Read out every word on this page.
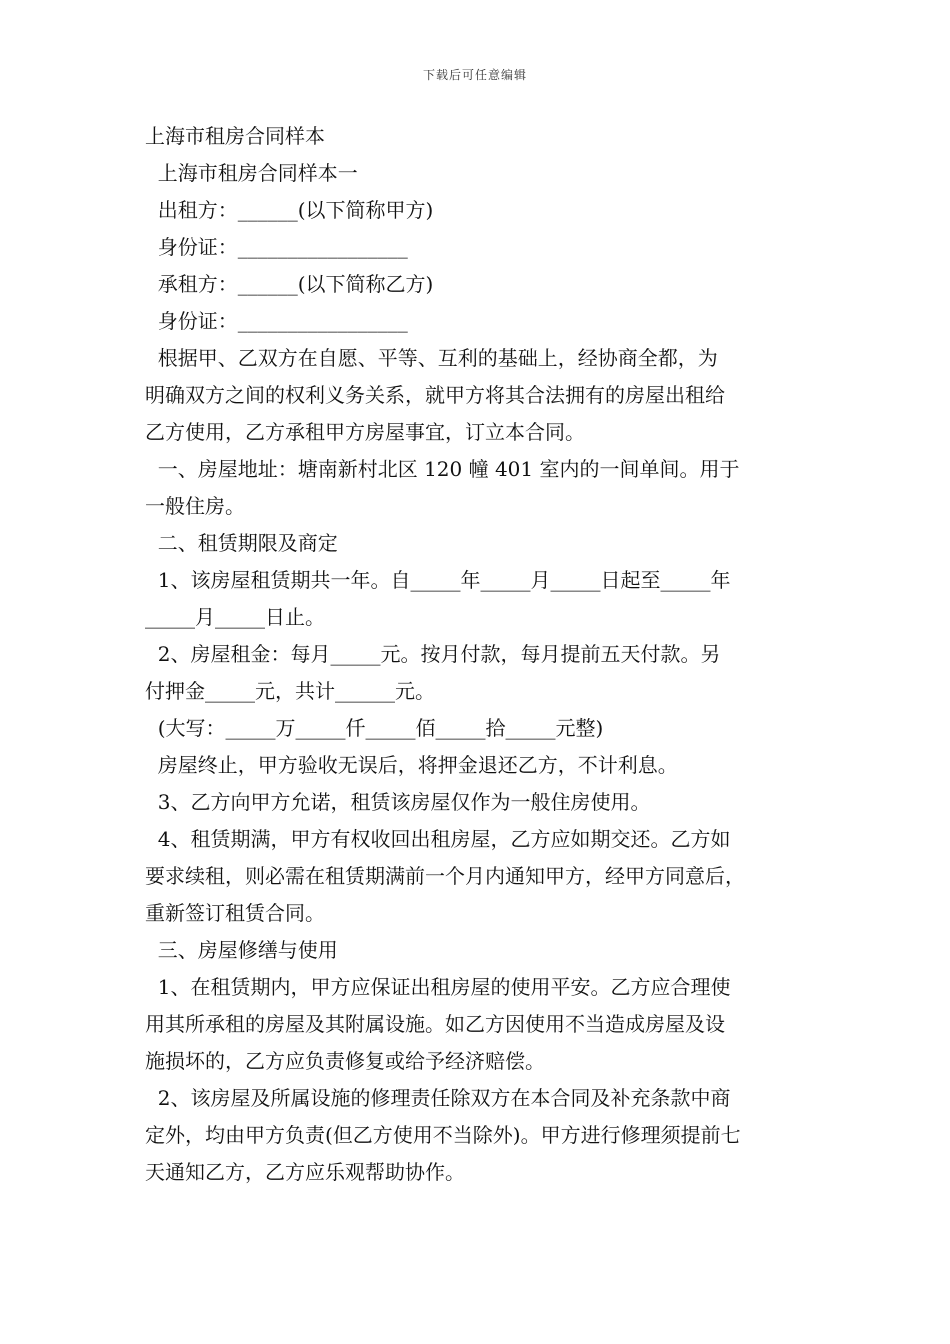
下载后可任意编辑
上海市租房合同样本
上海市租房合同样本一
出租方：______(以下简称甲方)
身份证：_________________
承租方：______(以下简称乙方)
身份证：_________________
根据甲、乙双方在自愿、平等、互利的基础上，经协商全都，为
明确双方之间的权利义务关系，就甲方将其合法拥有的房屋出租给
乙方使用，乙方承租甲方房屋事宜，订立本合同。
一、房屋地址：塘南新村北区 120 幢 401 室内的一间单间。用于
一般住房。
二、租赁期限及商定
1、该房屋租赁期共一年。自_____年_____月_____日起至_____年
_____月_____日止。
2、房屋租金：每月_____元。按月付款，每月提前五天付款。另
付押金_____元，共计______元。
(大写：_____万_____仟_____佰_____拾_____元整)
房屋终止，甲方验收无误后，将押金退还乙方，不计利息。
3、乙方向甲方允诺，租赁该房屋仅作为一般住房使用。
4、租赁期满，甲方有权收回出租房屋，乙方应如期交还。乙方如
要求续租，则必需在租赁期满前一个月内通知甲方，经甲方同意后，
重新签订租赁合同。
三、房屋修缮与使用
1、在租赁期内，甲方应保证出租房屋的使用平安。乙方应合理使
用其所承租的房屋及其附属设施。如乙方因使用不当造成房屋及设
施损坏的，乙方应负责修复或给予经济赔偿。
2、该房屋及所属设施的修理责任除双方在本合同及补充条款中商
定外，均由甲方负责(但乙方使用不当除外)。甲方进行修理须提前七
天通知乙方，乙方应乐观帮助协作。
